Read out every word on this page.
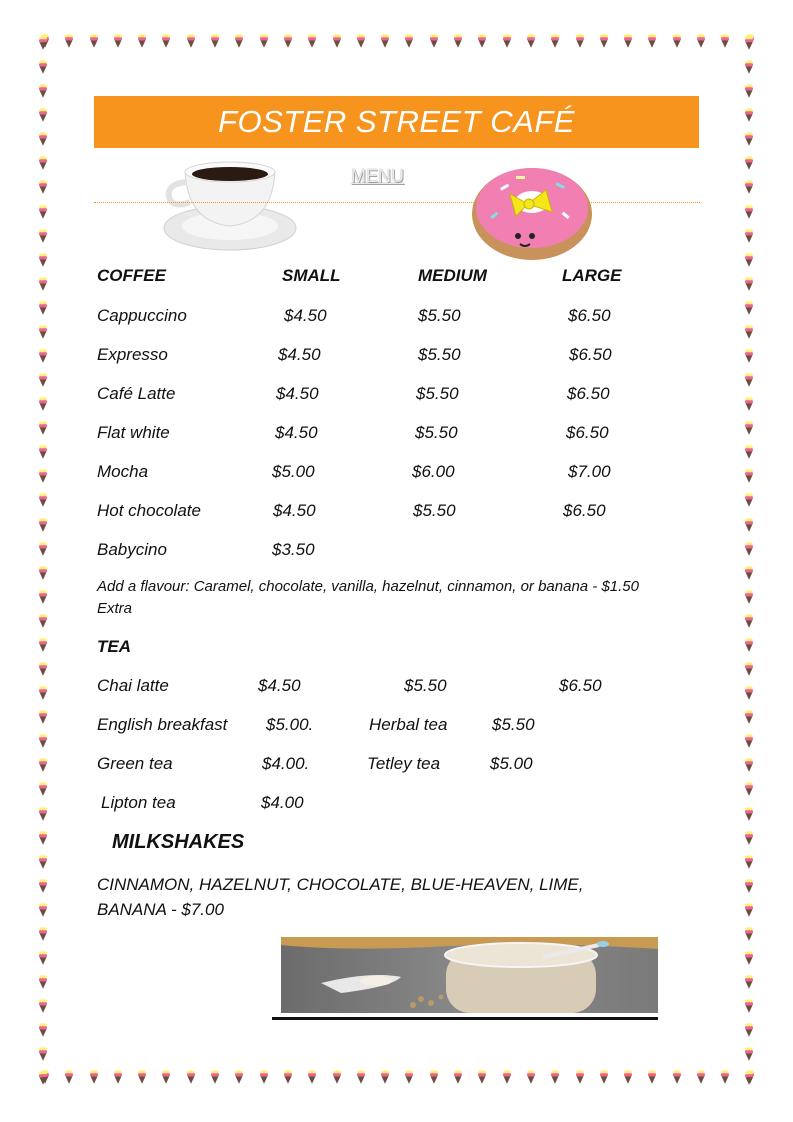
FOSTER STREET CAFÉ
MENU
COFFEE	SMALL	MEDIUM	LARGE
Cappuccino	$4.50	$5.50	$6.50
Expresso	$4.50	$5.50	$6.50
Café Latte	$4.50	$5.50	$6.50
Flat white	$4.50	$5.50	$6.50
Mocha	$5.00	$6.00	$7.00
Hot chocolate	$4.50	$5.50	$6.50
Babycino	$3.50
Add a flavour: Caramel, chocolate, vanilla, hazelnut, cinnamon, or banana - $1.50
Extra
TEA
Chai latte	$4.50	$5.50	$6.50
English breakfast $5.00.	Herbal tea	$5.50
Green tea	$4.00.	Tetley tea	$5.00
Lipton tea	$4.00
MILKSHAKES
CINNAMON, HAZELNUT, CHOCOLATE, BLUE-HEAVEN, LIME,
BANANA - $7.00
